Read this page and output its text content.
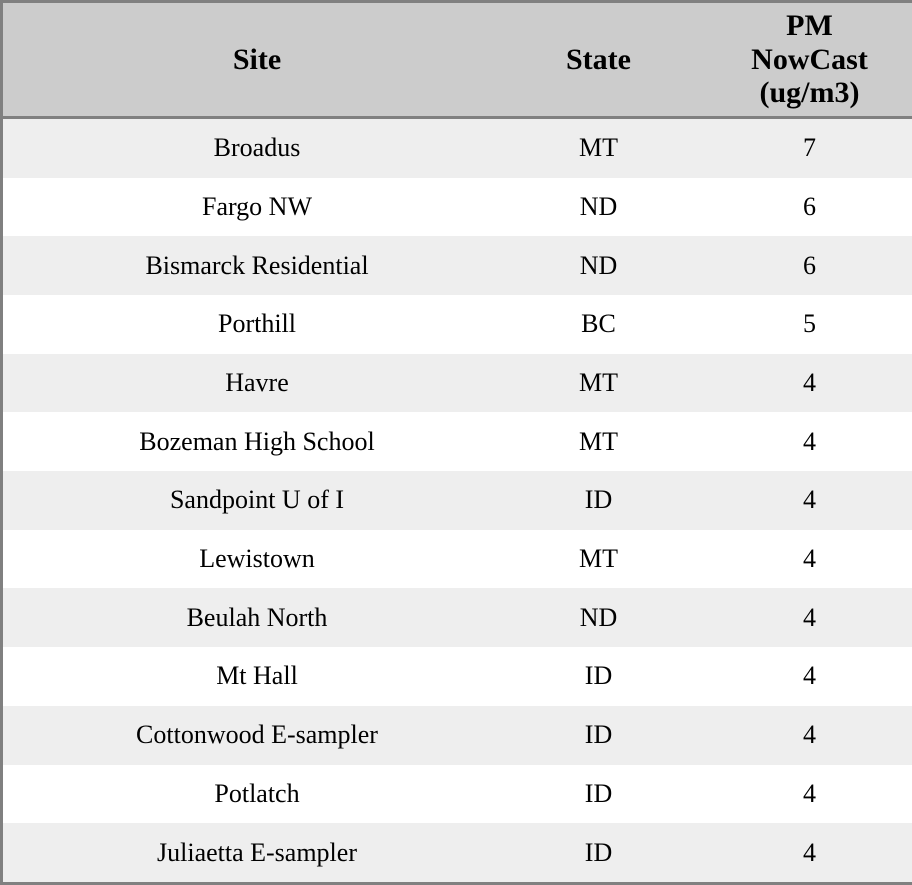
Site	State	PM
NowCast
(ug/m3)
Broadus	MT	7
Fargo NW	ND	6
Bismarck Residential	ND	6
Porthill	BC	5
Havre	MT	4
Bozeman High School	MT	4
Sandpoint U of I	ID	4
Lewistown	MT	4
Beulah North	ND	4
Mt Hall	ID	4
Cottonwood E-sampler	ID	4
Potlatch	ID	4
Juliaetta E-sampler	ID	4
